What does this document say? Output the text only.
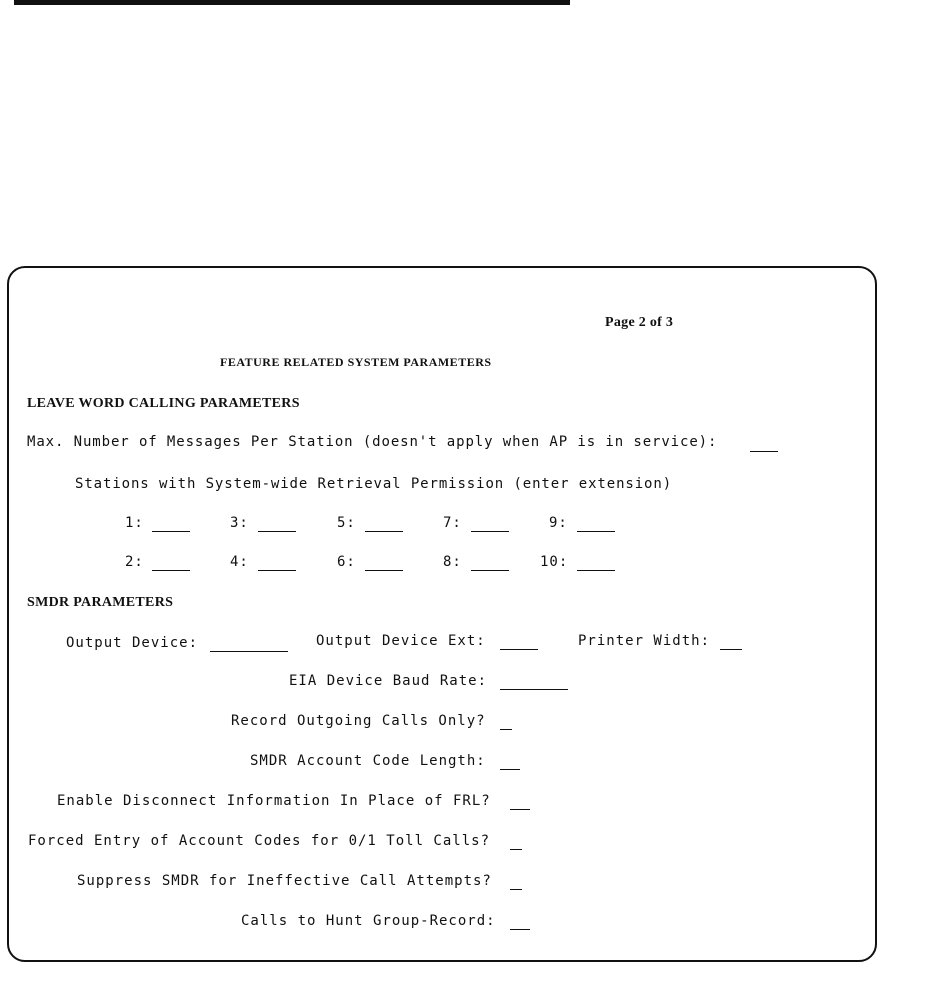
Page 2 of 3
FEATURE RELATED SYSTEM PARAMETERS
LEAVE WORD CALLING PARAMETERS
Max. Number of Messages Per Station (doesn't apply when AP is in service):
Stations with System-wide Retrieval Permission (enter extension)
1:	3:	5:	7:	9:
2:	4:	6:	8:	10:
SMDR PARAMETERS
Output Device:	Output Device Ext:	Printer Width:
EIA Device Baud Rate:
Record Outgoing Calls Only?
SMDR Account Code Length:
Enable Disconnect Information In Place of FRL?
Forced Entry of Account Codes for 0/1 Toll Calls?
Suppress SMDR for Ineffective Call Attempts?
Calls to Hunt Group-Record:
